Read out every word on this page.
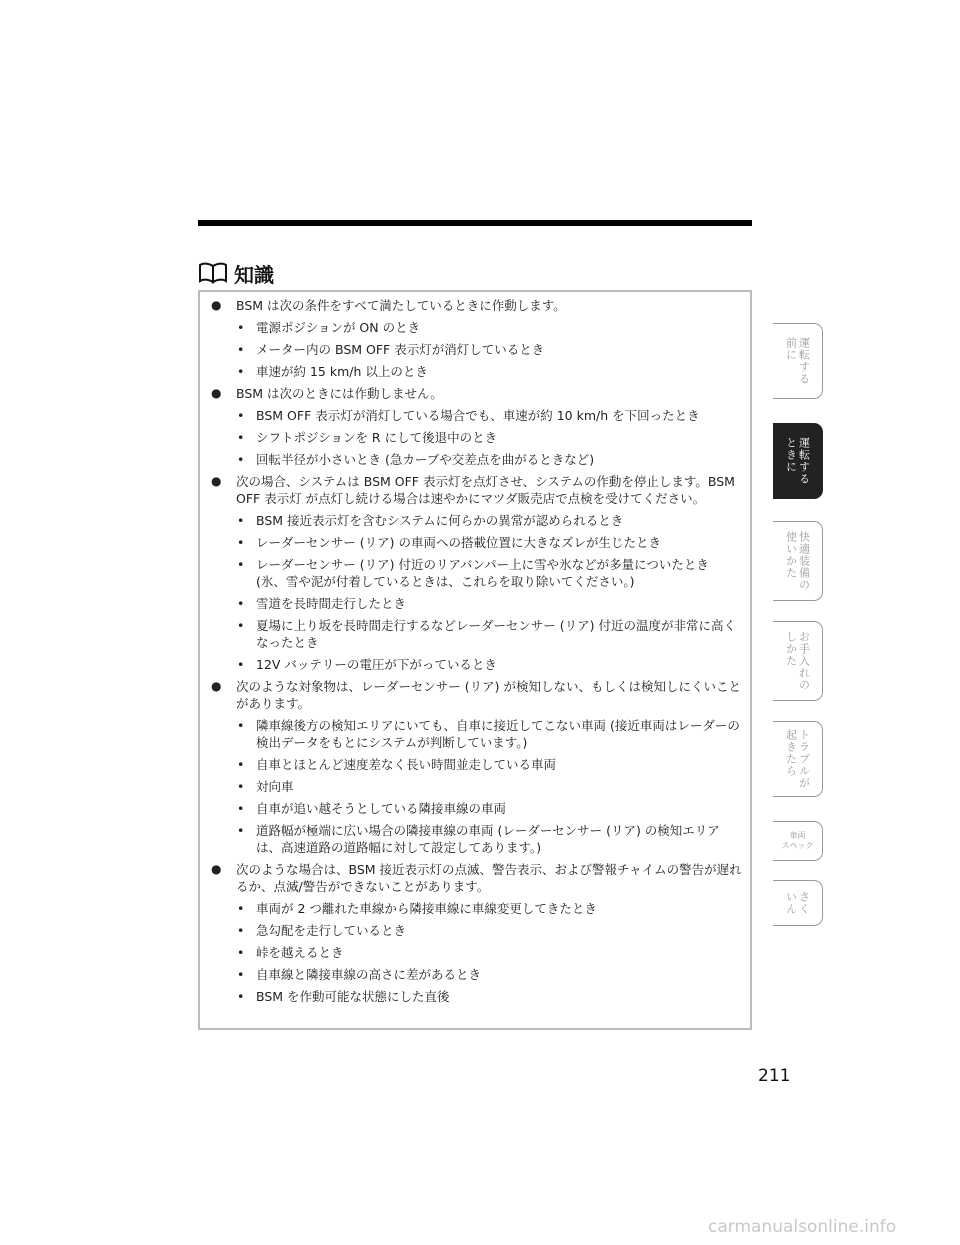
知識
● BSM は次の条件をすべて満たしているときに作動します。
• 電源ポジションが ON のとき
• メーター内の BSM OFF 表示灯が消灯しているとき
• 車速が約 15 km/h 以上のとき
● BSM は次のときには作動しません。
• BSM OFF 表示灯が消灯している場合でも、車速が約 10 km/h を下回ったとき
• シフトポジションを R にして後退中のとき
• 回転半径が小さいとき (急カーブや交差点を曲がるときなど)
● 次の場合、システムは BSM OFF 表示灯を点灯させ、システムの作動を停止します。BSM OFF 表示灯 が点灯し続ける場合は速やかにマツダ販売店で点検を受けてください。
• BSM 接近表示灯を含むシステムに何らかの異常が認められるとき
• レーダーセンサー (リア) の車両への搭載位置に大きなズレが生じたとき
• レーダーセンサー (リア) 付近のリアバンパー上に雪や氷などが多量についたとき (氷、雪や泥が付着しているときは、これらを取り除いてください。)
• 雪道を長時間走行したとき
• 夏場に上り坂を長時間走行するなどレーダーセンサー (リア) 付近の温度が非常に高くなったとき
• 12V バッテリーの電圧が下がっているとき
● 次のような対象物は、レーダーセンサー (リア) が検知しない、もしくは検知しにくいことがあります。
• 隣車線後方の検知エリアにいても、自車に接近してこない車両 (接近車両はレーダーの検出データをもとにシステムが判断しています。)
• 自車とほとんど速度差なく長い時間並走している車両
• 対向車
• 自車が追い越そうとしている隣接車線の車両
• 道路幅が極端に広い場合の隣接車線の車両 (レーダーセンサー (リア) の検知エリアは、高速道路の道路幅に対して設定してあります。)
● 次のような場合は、BSM 接近表示灯の点滅、警告表示、および警報チャイムの警告が遅れるか、点滅/警告ができないことがあります。
• 車両が 2 つ離れた車線から隣接車線に車線変更してきたとき
• 急勾配を走行しているとき
• 峠を越えるとき
• 自車線と隣接車線の高さに差があるとき
• BSM を作動可能な状態にした直後
運転する
前に
運転する
ときに
快適装備の
使いかた
お手入れの
しかた
トラブルが
起きたら
車両
スペック
さく
いん
211
carmanualsonline.info
